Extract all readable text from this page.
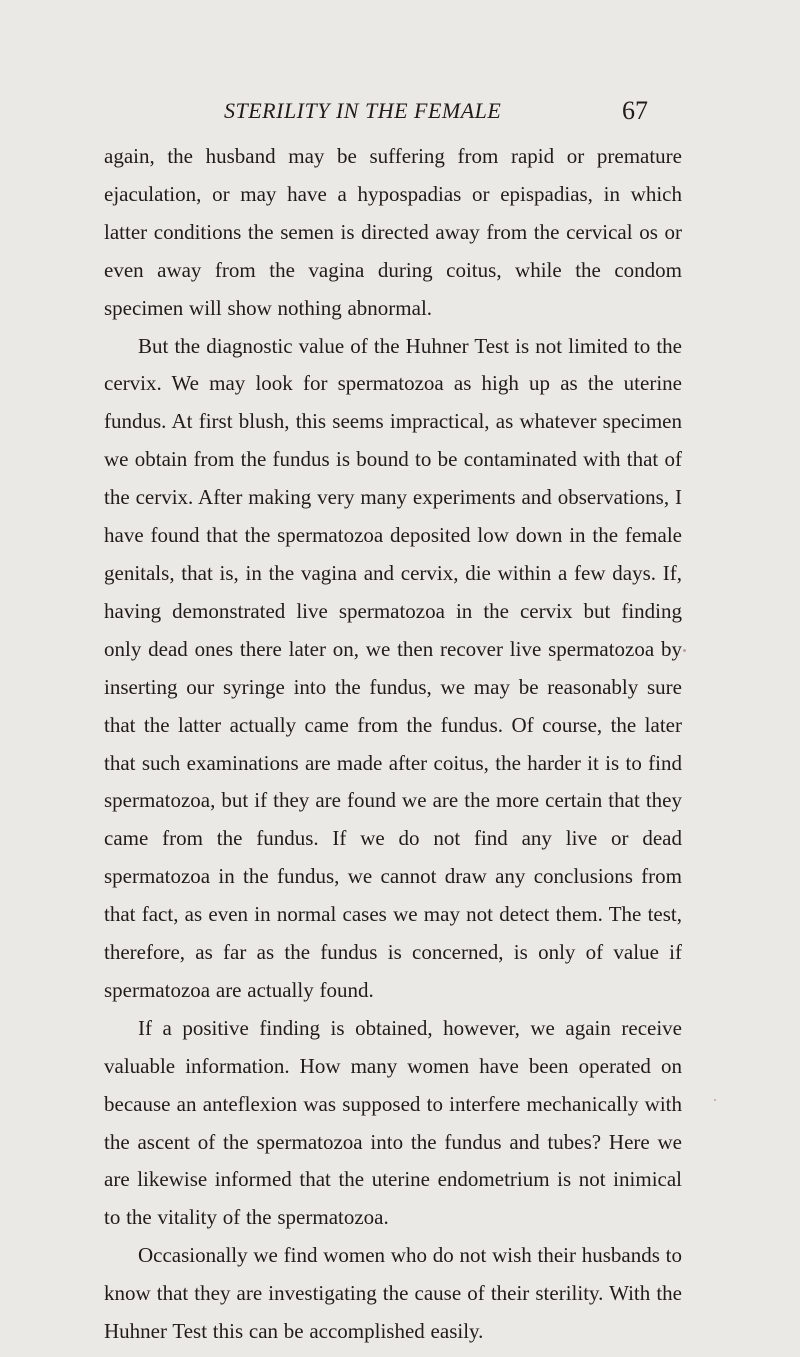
STERILITY IN THE FEMALE	67

again, the husband may be suffering from rapid or premature ejaculation, or may have a hypospadias or epispadias, in which latter conditions the semen is directed away from the cervical os or even away from the vagina during coitus, while the condom specimen will show nothing abnormal.

But the diagnostic value of the Huhner Test is not limited to the cervix. We may look for spermatozoa as high up as the uterine fundus. At first blush, this seems impractical, as whatever specimen we obtain from the fundus is bound to be contaminated with that of the cervix. After making very many experiments and observations, I have found that the spermatozoa deposited low down in the female genitals, that is, in the vagina and cervix, die within a few days. If, having demonstrated live spermatozoa in the cervix but finding only dead ones there later on, we then recover live spermatozoa by inserting our syringe into the fundus, we may be reasonably sure that the latter actually came from the fundus. Of course, the later that such examinations are made after coitus, the harder it is to find spermatozoa, but if they are found we are the more certain that they came from the fundus. If we do not find any live or dead spermatozoa in the fundus, we cannot draw any conclusions from that fact, as even in normal cases we may not detect them. The test, therefore, as far as the fundus is concerned, is only of value if spermatozoa are actually found.

If a positive finding is obtained, however, we again receive valuable information. How many women have been operated on because an anteflexion was supposed to interfere mechanically with the ascent of the spermatozoa into the fundus and tubes? Here we are likewise informed that the uterine endometrium is not inimical to the vitality of the spermatozoa.

Occasionally we find women who do not wish their husbands to know that they are investigating the cause of their sterility. With the Huhner Test this can be accomplished easily.
